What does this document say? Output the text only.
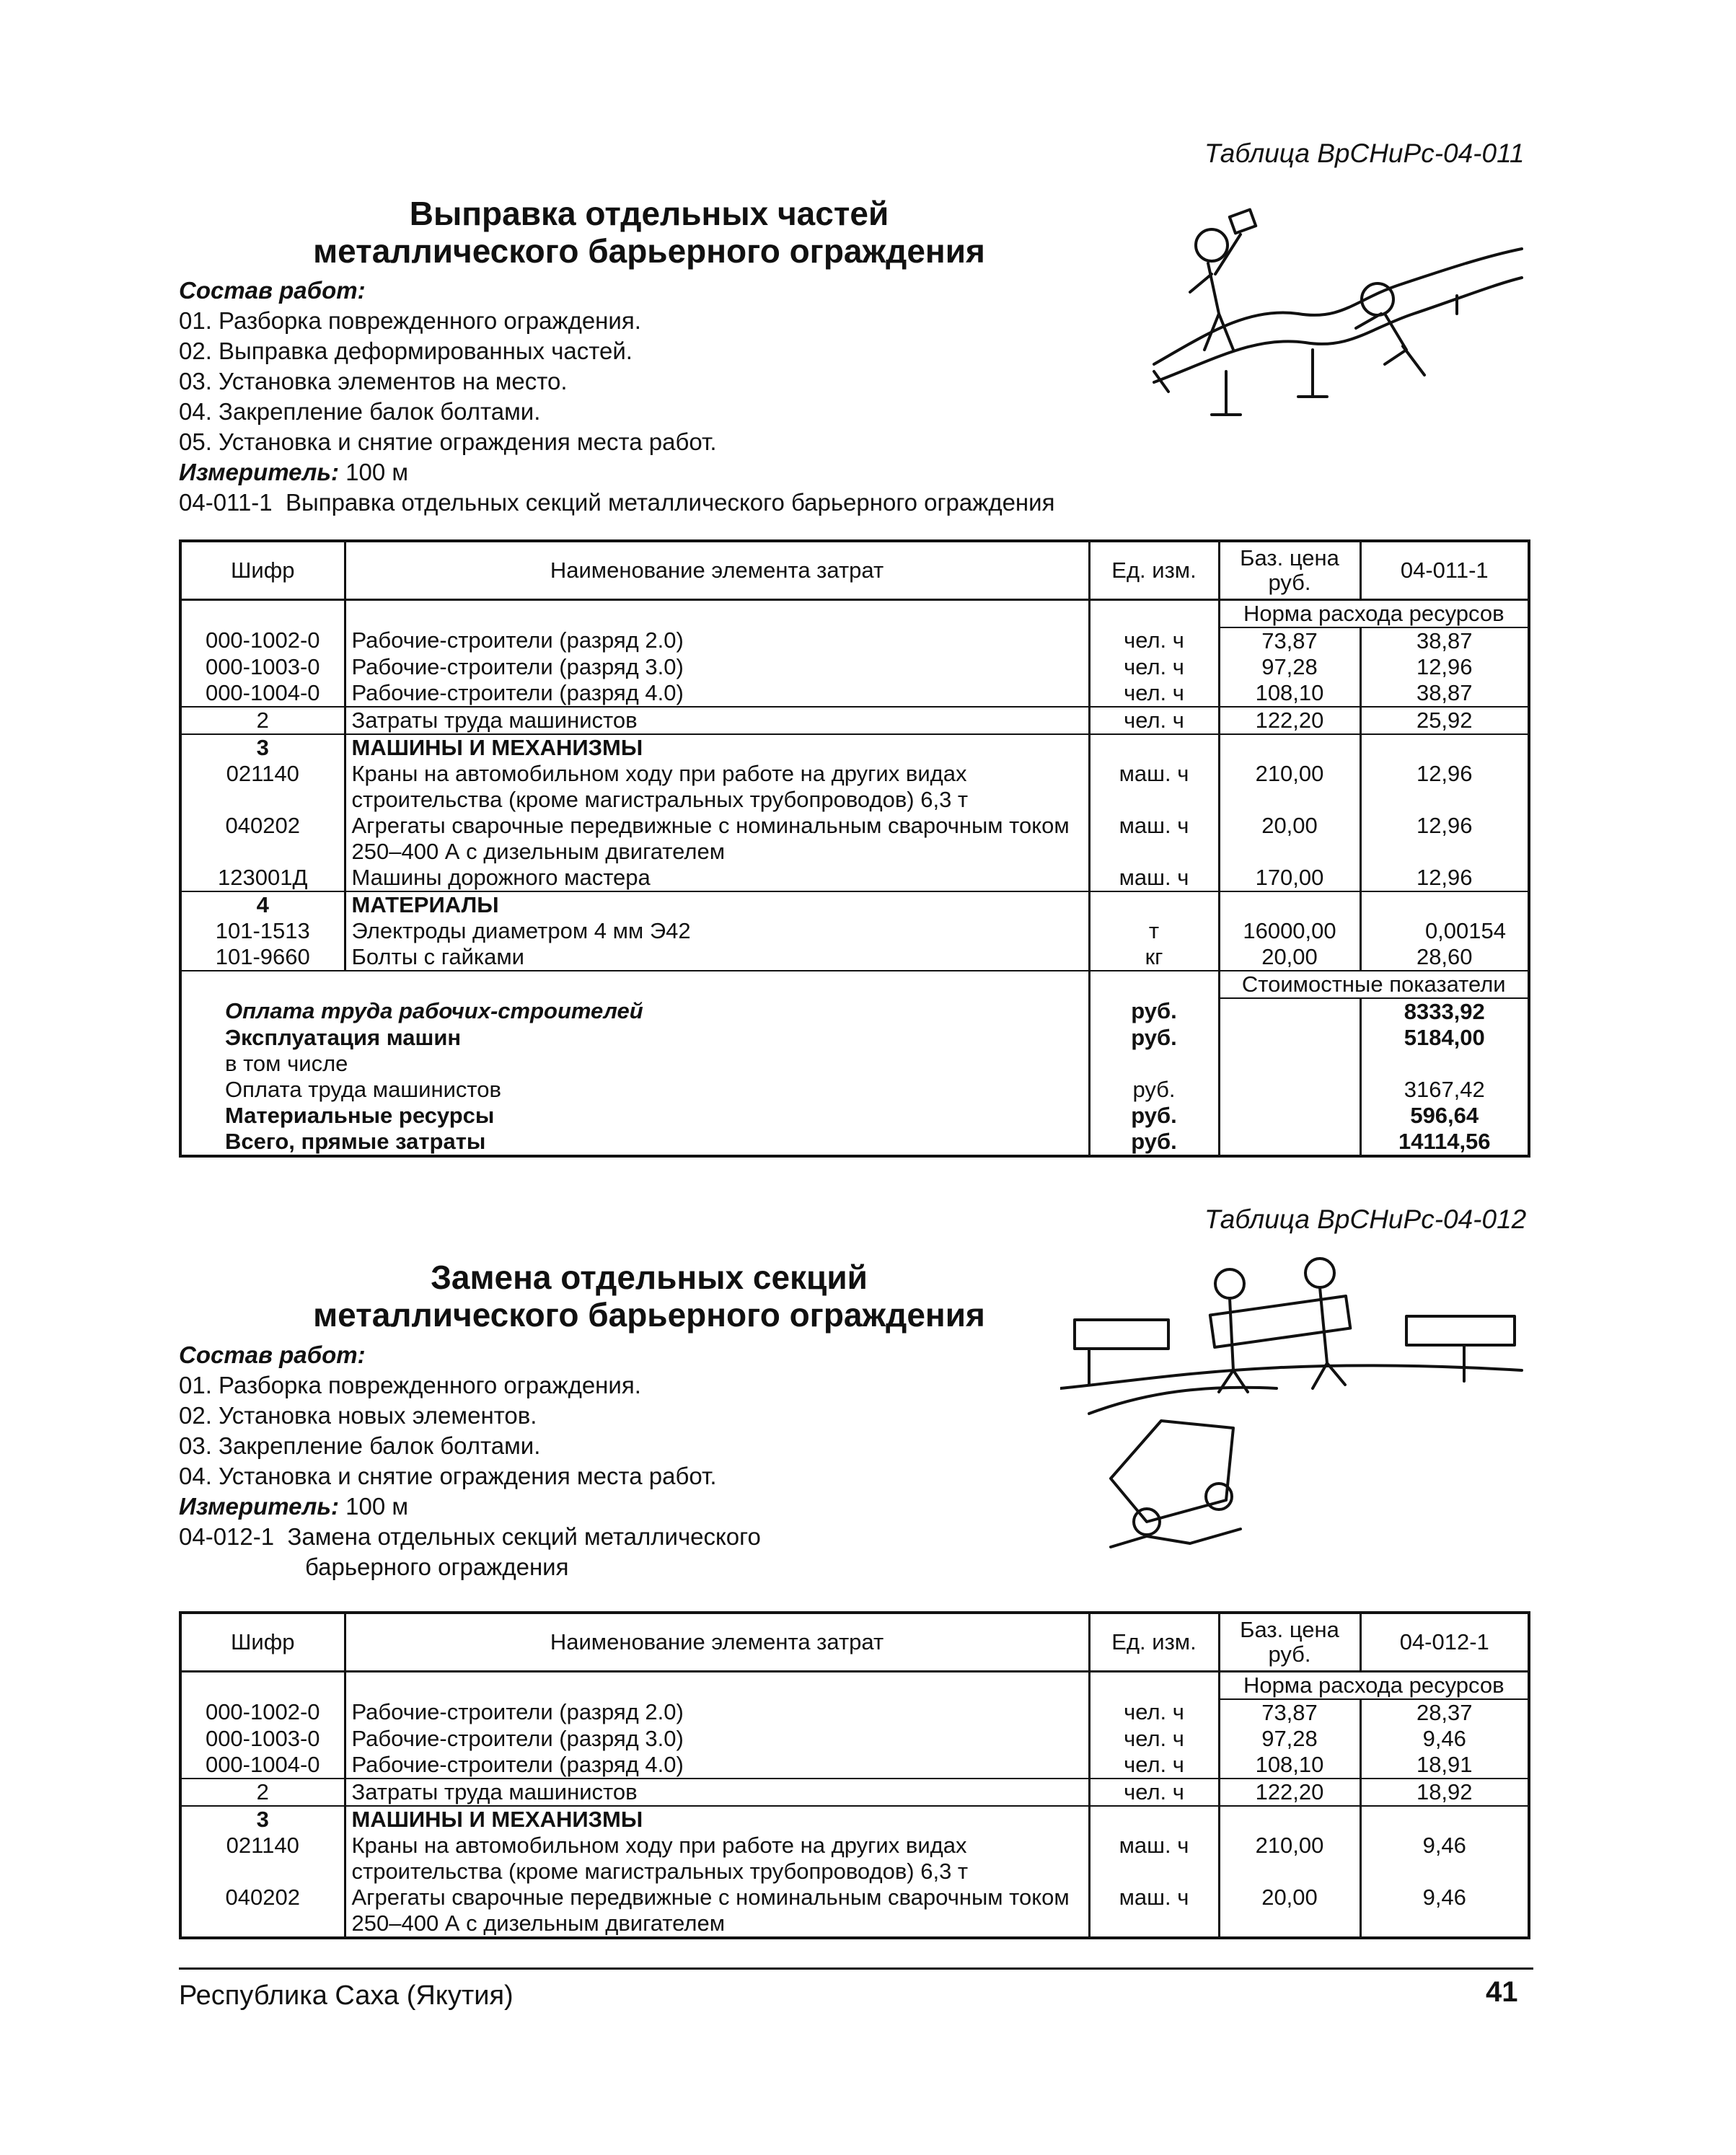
Таблица ВрСНиРс-04-011
Выправка отдельных частей
металлического барьерного ограждения
Состав работ:
01. Разборка поврежденного ограждения.
02. Выправка деформированных частей.
03. Установка элементов на место.
04. Закрепление балок болтами.
05. Установка и снятие ограждения места работ.
Измеритель: 100 м
04-011-1 Выправка отдельных секций металлического барьерного ограждения
Шифр	Наименование элемента затрат	Ед. изм.	Баз. цена руб.	04-011-1
			Норма расхода ресурсов	
000-1002-0	Рабочие-строители (разряд 2.0)	чел. ч	73,87	38,87
000-1003-0	Рабочие-строители (разряд 3.0)	чел. ч	97,28	12,96
000-1004-0	Рабочие-строители (разряд 4.0)	чел. ч	108,10	38,87
2	Затраты труда машинистов	чел. ч	122,20	25,92
3	МАШИНЫ И МЕХАНИЗМЫ			
021140	Краны на автомобильном ходу при работе на других видах строительства (кроме магистральных трубопроводов) 6,3 т	маш. ч	210,00	12,96
040202	Агрегаты сварочные передвижные с номинальным сварочным током 250–400 А с дизельным двигателем	маш. ч	20,00	12,96
123001Д	Машины дорожного мастера	маш. ч	170,00	12,96
4	МАТЕРИАЛЫ			
101-1513	Электроды диаметром 4 мм Э42	т	16000,00	0,00154
101-9660	Болты с гайками	кг	20,00	28,60
			Стоимостные показатели	
Оплата труда рабочих-строителей		руб.		8333,92
Эксплуатация машин		руб.		5184,00
в том числе				
Оплата труда машинистов		руб.		3167,42
Материальные ресурсы		руб.		596,64
Всего, прямые затраты		руб.		14114,56
Таблица ВрСНиРс-04-012
Замена отдельных секций
металлического барьерного ограждения
Состав работ:
01. Разборка поврежденного ограждения.
02. Установка новых элементов.
03. Закрепление балок болтами.
04. Установка и снятие ограждения места работ.
Измеритель: 100 м
04-012-1 Замена отдельных секций металлического
барьерного ограждения
Шифр	Наименование элемента затрат	Ед. изм.	Баз. цена руб.	04-012-1
			Норма расхода ресурсов	
000-1002-0	Рабочие-строители (разряд 2.0)	чел. ч	73,87	28,37
000-1003-0	Рабочие-строители (разряд 3.0)	чел. ч	97,28	9,46
000-1004-0	Рабочие-строители (разряд 4.0)	чел. ч	108,10	18,91
2	Затраты труда машинистов	чел. ч	122,20	18,92
3	МАШИНЫ И МЕХАНИЗМЫ			
021140	Краны на автомобильном ходу при работе на других видах строительства (кроме магистральных трубопроводов) 6,3 т	маш. ч	210,00	9,46
040202	Агрегаты сварочные передвижные с номинальным сварочным током 250–400 А с дизельным двигателем	маш. ч	20,00	9,46
Республика Саха (Якутия)	41
